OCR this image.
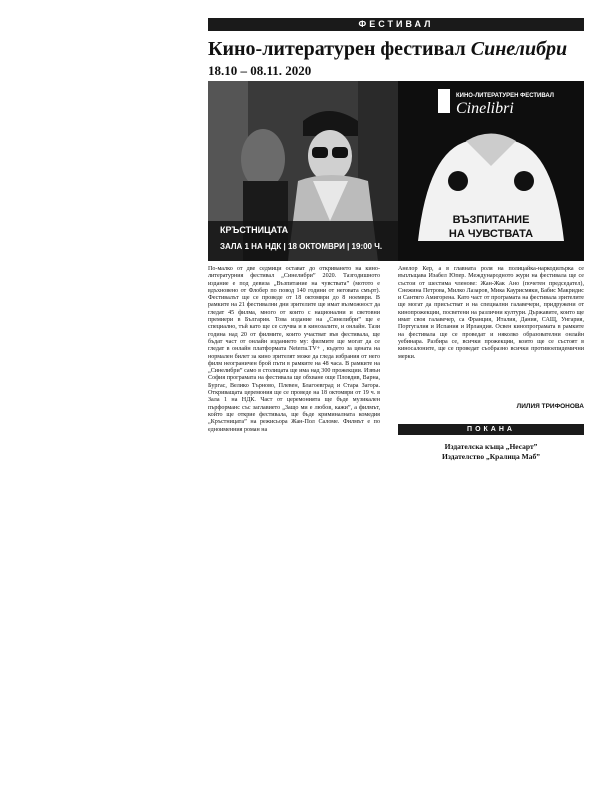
ФЕСТИВАЛ
Кино-литературен фестивал Синелибри
18.10 – 08.11. 2020
КРЪСТНИЦАТА
ЗАЛА 1 НА НДК | 18 ОКТОМВРИ | 19:00 Ч.
КИНО-ЛИТЕРАТУРЕН ФЕСТИВАЛ
Cinelibri
ВЪЗПИТАНИЕ
НА ЧУВСТВАТА
По-малко от две седмици остават до откриването на кино-литературния фестивал „Синелибри” 2020. Тазгодишното издание е под девиза „Възпитание на чувствата” (мотото е вдъхновено от Флобер по повод 140 години от неговата смърт). Фестивалът ще се проведе от 18 октомври до 8 ноември. В рамките на 21 фестивални дни зрителите ще имат възможност да гледат 45 филма, много от които с национални и световни премиери в България. Това издание на „Синелибри” ще е специално, тъй като ще се случва и в кинозалите, и онлайн. Тази година над 20 от филмите, които участват във фестивала, ще бъдат част от онлайн изданието му: филмите ще могат да се гледат в онлайн платформата Neterra.TV+ , където за цената на нормален билет за кино зрителят може да гледа избрания от него филм неограничен брой пъти в рамките на 48 часа. В рамките на „Синелибри” само в столицата ще има над 300 прожекции. Извън София програмата на фестивала ще обхване още Пловдив, Варна, Бургас, Велико Търново, Плевен, Благоевград и Стара Загора. Откриващата церемония ще се проведе на 18 октомври от 19 ч. в Зала 1 на НДК. Част от церемонията ще бъде музикален пърформанс със заглавието „Защо ми е любов, кажи”, а филмът, който ще открие фестивала, ще бъде криминалната комедия „Кръстницата” на режисьора Жан-Пол Саломе. Филмът е по едноименния роман на
Анелор Кер, а в главната роля на полицайка-наркодилърка се въплъщава Изабел Юпер. Международното жури на фестивала ще се състои от шестима членове: Жан-Жак Ано (почетен председател), Снежина Петрова, Милко Лазаров, Мика Каурисмяки, Бабис Макридис и Сантяго Амигорена. Като част от програмата на фестивала зрителите ще могат да присъстват и на специални галавечери, придружени от кинопрожекции, посветени на различни култури. Държавите, които ще имат своя галавечер, са Франция, Италия, Дания, САЩ, Унгария, Португалия и Испания и Ирландия. Освен кинопрограмата в рамките на фестивала ще се проведат и няколко образователни онлайн уебинара. Разбира се, всички прожекции, които ще се състоят в киносалоните, ще се проведат съобразно всички противоепидемични мерки.
ЛИЛИЯ ТРИФОНОВА
ПОКАНА
Издателска къща „Несарт”
Издателство „Кралица Маб”
